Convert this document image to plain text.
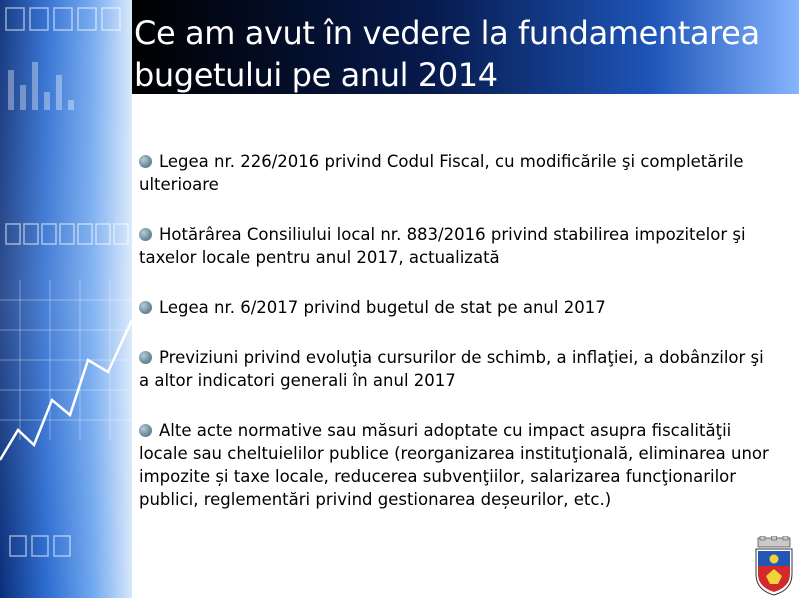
Ce am avut în vedere la fundamentarea
bugetului pe anul 2014

Legea nr. 226/2016 privind Codul Fiscal, cu modificările şi completările ulterioare

Hotărârea Consiliului local nr. 883/2016 privind stabilirea impozitelor şi taxelor locale pentru anul 2017, actualizată

Legea nr. 6/2017 privind bugetul de stat pe anul 2017

Previziuni privind evoluţia cursurilor de schimb, a inflaţiei, a dobânzilor şi a altor indicatori generali în anul 2017

Alte acte normative sau măsuri adoptate cu impact asupra fiscalităţii locale sau cheltuielilor publice (reorganizarea instituţională, eliminarea unor impozite și taxe locale, reducerea subvenţiilor, salarizarea funcţionarilor publici, reglementări privind gestionarea deșeurilor, etc.)
